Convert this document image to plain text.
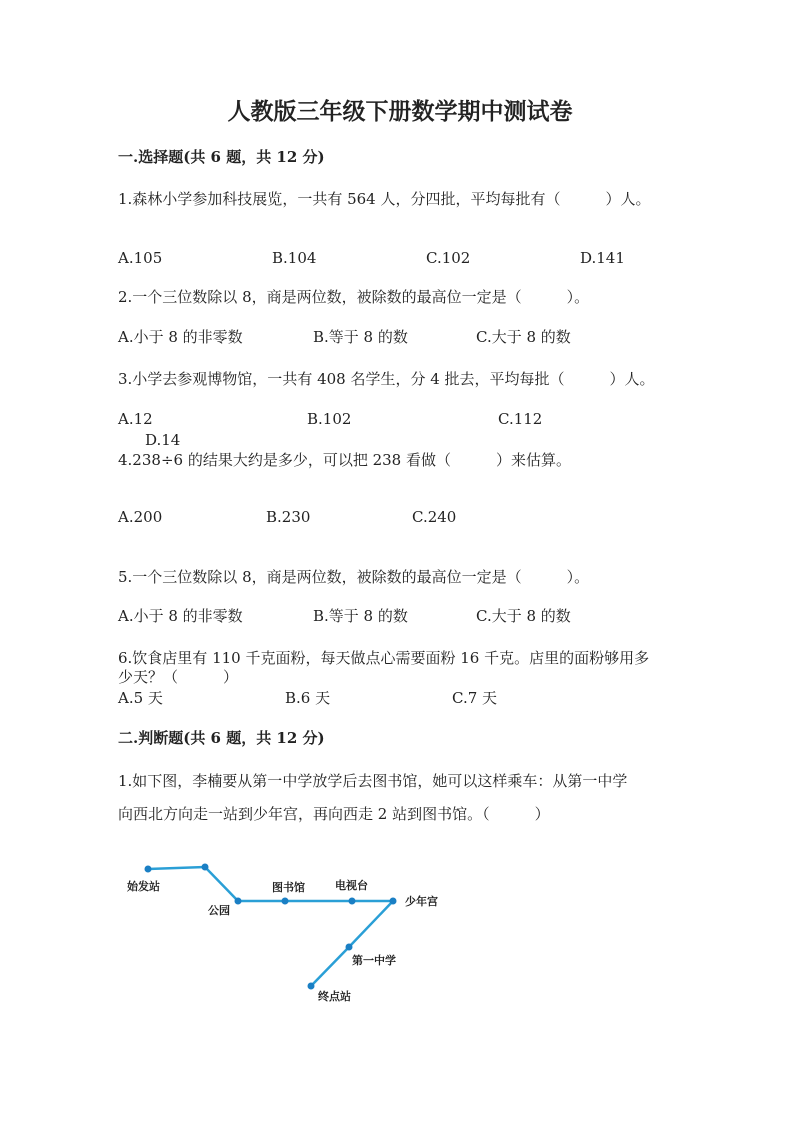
人教版三年级下册数学期中测试卷
一.选择题(共 6 题，共 12 分)
1.森林小学参加科技展览，一共有 564 人，分四批，平均每批有（　　　）人。
A.105	B.104	C.102	D.141
2.一个三位数除以 8，商是两位数，被除数的最高位一定是（　　　）。
A.小于 8 的非零数	B.等于 8 的数	C.大于 8 的数
3.小学去参观博物馆，一共有 408 名学生，分 4 批去，平均每批（　　　）人。
A.12	B.102	C.112
D.14
4.238÷6 的结果大约是多少，可以把 238 看做（　　　）来估算。
A.200	B.230	C.240
5.一个三位数除以 8，商是两位数，被除数的最高位一定是（　　　）。
A.小于 8 的非零数	B.等于 8 的数	C.大于 8 的数
6.饮食店里有 110 千克面粉，每天做点心需要面粉 16 千克。店里的面粉够用多
少天？（　　　）
A.5 天	B.6 天	C.7 天
二.判断题(共 6 题，共 12 分)
1.如下图，李楠要从第一中学放学后去图书馆，她可以这样乘车：从第一中学
向西北方向走一站到少年宫，再向西走 2 站到图书馆。（　　　）
始发站
公园
图书馆	电视台
少年宫
第一中学
终点站
